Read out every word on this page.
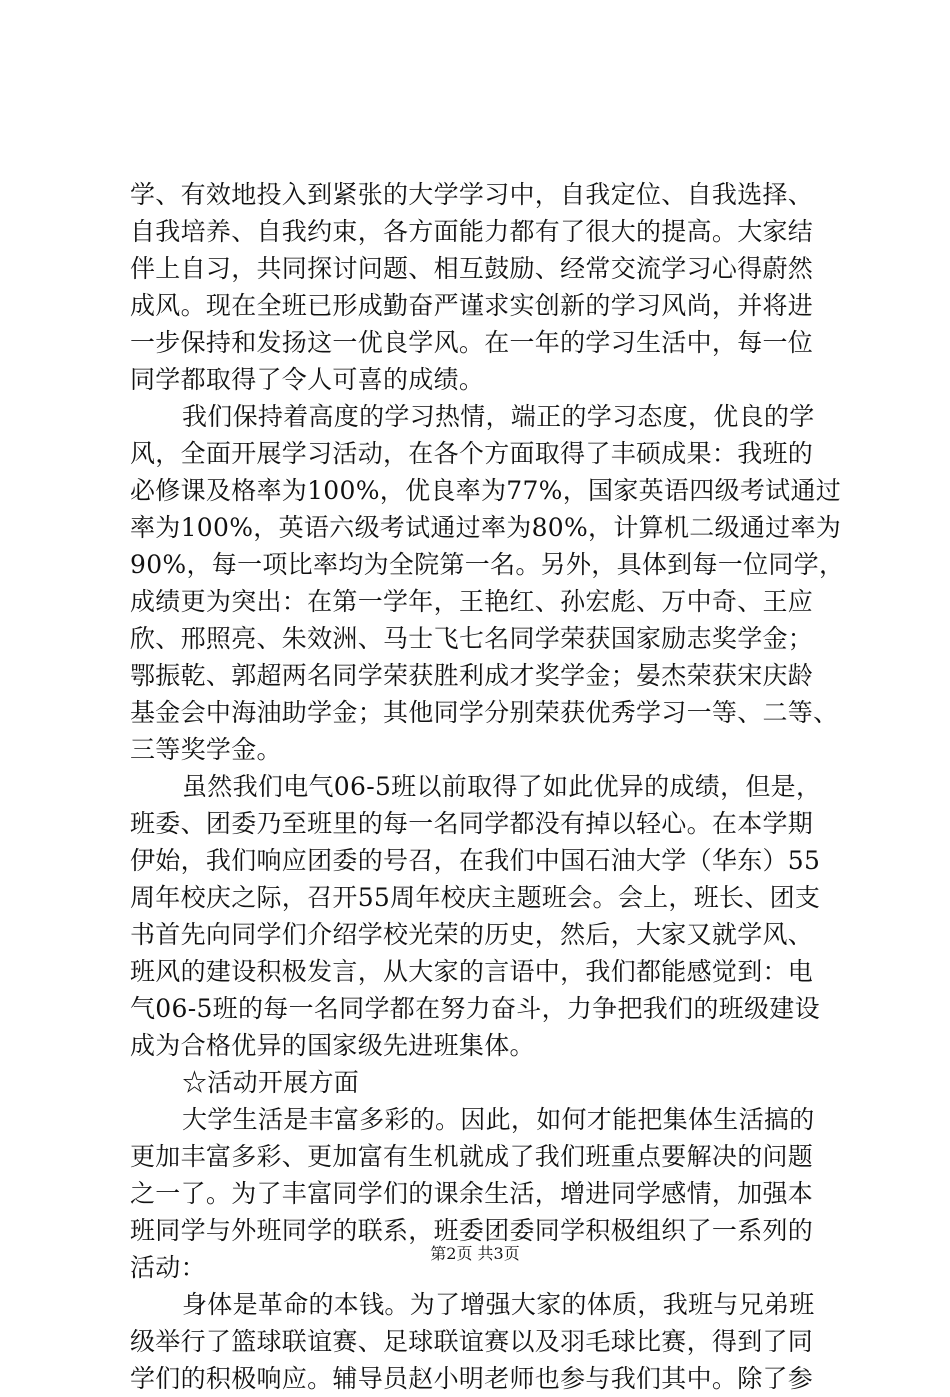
学、有效地投入到紧张的大学学习中，自我定位、自我选择、
自我培养、自我约束，各方面能力都有了很大的提高。大家结
伴上自习，共同探讨问题、相互鼓励、经常交流学习心得蔚然
成风。现在全班已形成勤奋严谨求实创新的学习风尚，并将进
一步保持和发扬这一优良学风。在一年的学习生活中，每一位
同学都取得了令人可喜的成绩。
我们保持着高度的学习热情，端正的学习态度，优良的学
风，全面开展学习活动，在各个方面取得了丰硕成果：我班的
必修课及格率为100%，优良率为77%，国家英语四级考试通过
率为100%，英语六级考试通过率为80%，计算机二级通过率为
90%，每一项比率均为全院第一名。另外，具体到每一位同学，
成绩更为突出：在第一学年，王艳红、孙宏彪、万中奇、王应
欣、邢照亮、朱效洲、马士飞七名同学荣获国家励志奖学金；
鄂振乾、郭超两名同学荣获胜利成才奖学金；晏杰荣获宋庆龄
基金会中海油助学金；其他同学分别荣获优秀学习一等、二等、
三等奖学金。
虽然我们电气06-5班以前取得了如此优异的成绩，但是，
班委、团委乃至班里的每一名同学都没有掉以轻心。在本学期
伊始，我们响应团委的号召，在我们中国石油大学（华东）55
周年校庆之际，召开55周年校庆主题班会。会上，班长、团支
书首先向同学们介绍学校光荣的历史，然后，大家又就学风、
班风的建设积极发言，从大家的言语中，我们都能感觉到：电
气06-5班的每一名同学都在努力奋斗，力争把我们的班级建设
成为合格优异的国家级先进班集体。
☆活动开展方面
大学生活是丰富多彩的。因此，如何才能把集体生活搞的
更加丰富多彩、更加富有生机就成了我们班重点要解决的问题
之一了。为了丰富同学们的课余生活，增进同学感情，加强本
班同学与外班同学的联系，班委团委同学积极组织了一系列的
活动：
身体是革命的本钱。为了增强大家的体质，我班与兄弟班
级举行了篮球联谊赛、足球联谊赛以及羽毛球比赛，得到了同
学们的积极响应。辅导员赵小明老师也参与我们其中。除了参
第2页 共3页
